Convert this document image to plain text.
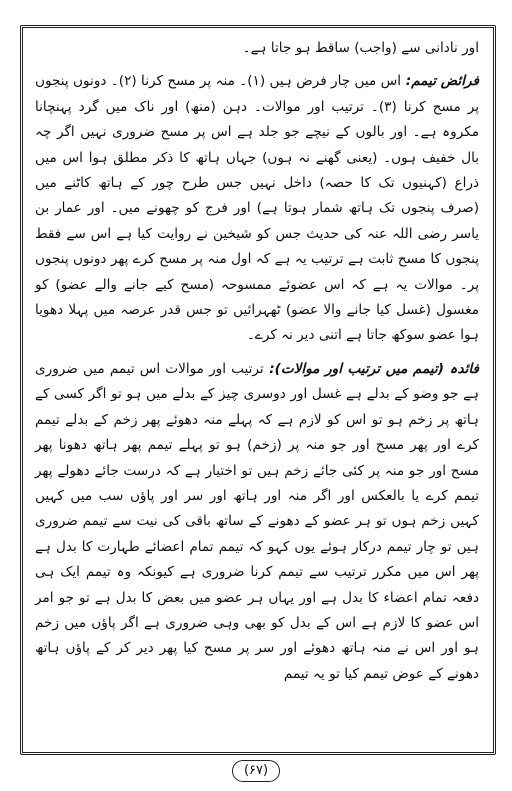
اور نادانی سے (واجب) ساقط ہو جاتا ہے۔

فرائض تیمم: اس میں چار فرض ہیں (۱)۔ منہ پر مسح کرنا (۲)۔ دونوں پنجوں پر مسح کرنا (۳)۔ ترتیب اور موالات۔ دہن (منھ) اور ناک میں گرد پہنچانا مکروہ ہے۔ اور بالوں کے نیچے جو جلد ہے اس پر مسح ضروری نہیں اگر چہ بال خفیف ہوں۔ (یعنی گھنے نہ ہوں) جہاں ہاتھ کا ذکر مطلق ہوا اس میں ذراع (کہنیوں تک کا حصہ) داخل نہیں جس طرح چور کے ہاتھ کاٹنے میں (صرف پنجوں تک ہاتھ شمار ہوتا ہے) اور فرج کو چھونے میں۔ اور عمار بن یاسر رضی اللہ عنہ کی حدیث جس کو شیخین نے روایت کیا ہے اس سے فقط پنجوں کا مسح ثابت ہے ترتیب یہ ہے کہ اول منہ پر مسح کرے پھر دونوں پنجوں پر۔ موالات یہ ہے کہ اس عضوئے ممسوحہ (مسح کیے جانے والے عضو) کو مغسول (غسل کیا جانے والا عضو) ٹھہرائیں تو جس قدر عرصہ میں پہلا دھویا ہوا عضو سوکھ جاتا ہے اتنی دیر نہ کرے۔

فائدہ (تیمم میں ترتیب اور موالات): ترتیب اور موالات اس تیمم میں ضروری ہے جو وضو کے بدلے ہے غسل اور دوسری چیز کے بدلے میں ہو تو اگر کسی کے ہاتھ پر زخم ہو تو اس کو لازم ہے کہ پہلے منہ دھوئے پھر زخم کے بدلے تیمم کرے اور پھر مسح اور جو منہ پر (زخم) ہو تو پہلے تیمم پھر ہاتھ دھونا پھر مسح اور جو منہ پر کئی جائے زخم ہیں تو اختیار ہے کہ درست جائے دھولے پھر تیمم کرے یا بالعکس اور اگر منہ اور ہاتھ اور سر اور پاؤں سب میں کہیں کہیں زخم ہوں تو ہر عضو کے دھونے کے ساتھ باقی کی نیت سے تیمم ضروری ہیں تو چار تیمم درکار ہوئے یوں کہو کہ تیمم تمام اعضائے طہارت کا بدل ہے پھر اس میں مکرر ترتیب سے تیمم کرنا ضروری ہے کیونکہ وہ تیمم ایک ہی دفعہ تمام اعضاء کا بدل ہے اور یہاں ہر عضو میں بعض کا بدل ہے تو جو امر اس عضو کا لازم ہے اس کے بدل کو بھی وہی ضروری ہے اگر پاؤں میں زخم ہو اور اس نے منہ ہاتھ دھوئے اور سر پر مسح کیا پھر دیر کر کے پاؤں ہاتھ دھونے کے عوض تیمم کیا تو یہ تیمم

(۶۷)
